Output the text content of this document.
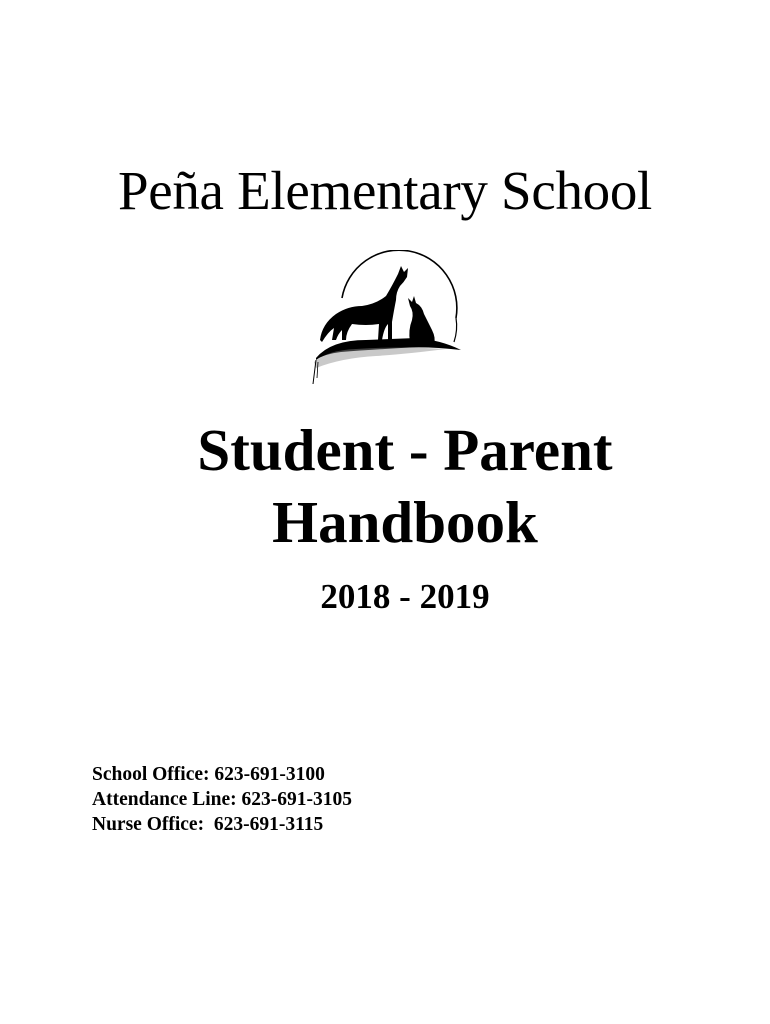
Peña Elementary School
Student - Parent
Handbook
2018 - 2019
School Office: 623-691-3100
Attendance Line: 623-691-3105
Nurse Office:  623-691-3115
